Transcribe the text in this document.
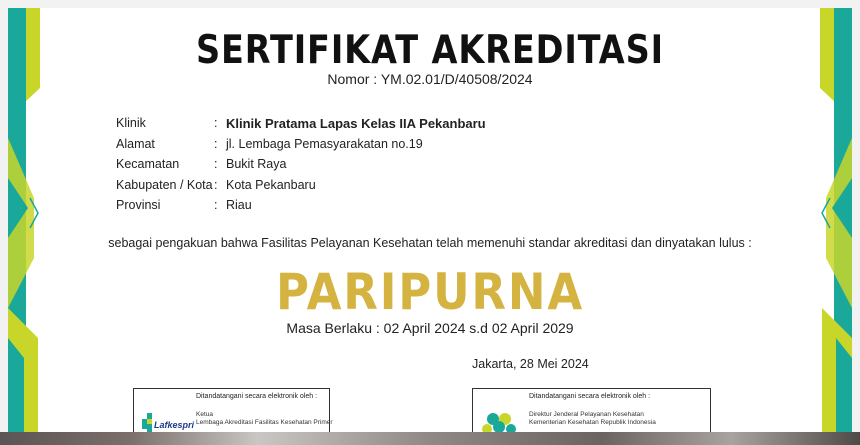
SERTIFIKAT AKREDITASI
Nomor : YM.02.01/D/40508/2024
Klinik	: Klinik Pratama Lapas Kelas IIA Pekanbaru
Alamat	: jl. Lembaga Pemasyarakatan no.19
Kecamatan	: Bukit Raya
Kabupaten / Kota : Kota Pekanbaru
Provinsi	: Riau
sebagai pengakuan bahwa Fasilitas Pelayanan Kesehatan telah memenuhi standar akreditasi dan dinyatakan lulus :
PARIPURNA
Masa Berlaku : 02 April 2024 s.d 02 April 2029
Jakarta, 28 Mei 2024
Ditandatangani secara elektronik oleh :
Lafkespri
Ketua
Lembaga Akreditasi Fasilitas Kesehatan Primer
Ditandatangani secara elektronik oleh :
Direktur Jenderal Pelayanan Kesehatan
Kementerian Kesehatan Republik Indonesia
